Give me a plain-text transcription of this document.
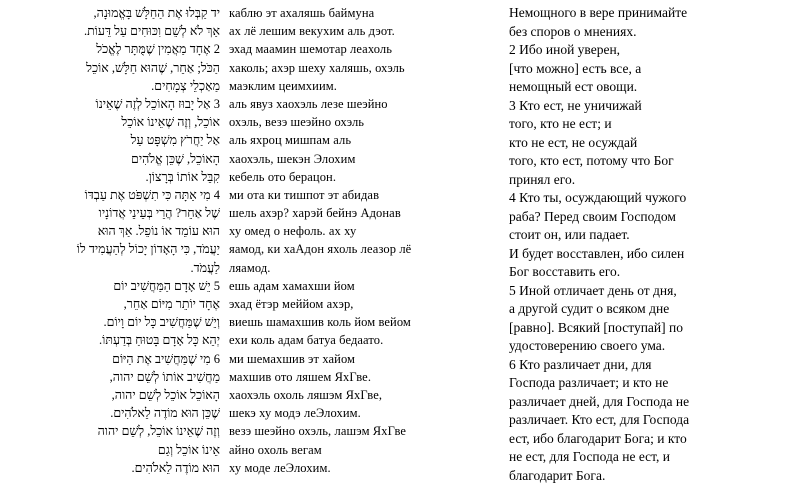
יד קַבְּלוּ אֶת הַחַלָּשׁ בָּאֱמוּנָה,
אַךְ לֹא לְשֵׁם וִכּוּחִים עַל דֵּעוֹת.
2 אֶחָד מַאֲמִין שֶׁמֻּתָּר לֶאֱכֹל
הַכֹּל; אַחֵר, שֶׁהוּא חַלָּשׁ, אוֹכֵל
מַאַכְלֵי צְמָחִים.
3 אַל יָבוּז הָאוֹכֵל לְזֶה שֶׁאֵינוֹ
אוֹכֵל, וְזֶה שֶׁאֵינוֹ אוֹכֵל
אַל יַחֲרֹץ מִשְׁפָּט עַל
הָאוֹכֵל, שֶׁכֵּן אֱלֹהִים
קִבֵּל אוֹתוֹ בְּרָצוֹן.
4 מִי אַתָּה כִּי תִשְׁפֹּט אֶת עַבְדּוֹ
שֶׁל אַחֵר? הֲרֵי בְּעֵינֵי אֲדוֹנָיו
הוּא עוֹמֵד אוֹ נוֹפֵל. אַךְ הוּא
יַעֲמֹד, כִּי הָאָדוֹן יָכוֹל לְהַעֲמִיד לוֹ
לַעֲמֹד.
5 יֵשׁ אָדָם הַמַּחֲשִׁיב יוֹם
אֶחָד יוֹתֵר מִיּוֹם אַחֵר,
וְיֵשׁ שֶׁמַּחֲשִׁיב כָּל יוֹם וָיוֹם.
יְהֵא כָּל אָדָם בָּטוּחַ בְּדַעְתּוֹ.
6 מִי שֶׁמַּחֲשִׁיב אֶת הַיּוֹם
מַחֲשִׁיב אוֹתוֹ לְשֵׁם יהוה,
הָאוֹכֵל אוֹכֵל לְשֵׁם יהוה,
שֶׁכֵּן הוּא מוֹדֶה לֵאלֹהִים.
וְזֶה שֶׁאֵינוֹ אוֹכֵל, לְשֵׁם יהוה
אֵינוֹ אוֹכֵל וְגַם
הוּא מוֹדֶה לֵאלֹהִים.
каблю эт ахаляшь баймуна
ах лё лешим векухим аль дэот.
эхад маамин шемотар леахоль
хаколь; ахэр шеху халяшь, охэль
маэклим цеимхиим.
аль явуз хаохэль лезе шеэйно
охэль, везэ шеэйно охэль
аль яхроц мишпам аль
хаохэль, шекэн Элохим
кебель ото берацон.
ми ота ки тишпот эт абидав
шель ахэр? харэй бейнэ Адонав
ху омед о нефоль. ах ху
яамод, ки хаАдон яхоль леазор лё
ляамод.
ешь адам хамахши йом
эхад ётэр меййом ахэр,
виешь шамахшив коль йом вейом
ехи коль адам батуа бедаато.
ми шемахшив эт хайом
махшив ото ляшем ЯхГве.
хаохэль охоль ляшэм ЯхГве,
шекэ ху модэ леЭлохим.
везэ шеэйно охэль, лашэм ЯхГве
айно охоль вегам
ху моде леЭлохим.
Немощного в вере принимайте
без споров о мнениях.
2 Ибо иной уверен,
[что можно] есть все, а
немощный ест овощи.
3 Кто ест, не уничижай
того, кто не ест; и
кто не ест, не осуждай
того, кто ест, потому что Бог
принял его.
4 Кто ты, осуждающий чужого
раба? Перед своим Господом
стоит он, или падает.
И будет восставлен, ибо силен
Бог восставить его.
5 Иной отличает день от дня,
а другой судит о всяком дне
[равно]. Всякий [поступай] по
удостоверению своего ума.
6 Кто различает дни, для
Господа различает; и кто не
различает дней, для Господа не
различает. Кто ест, для Господа
ест, ибо благодарит Бога; и кто
не ест, для Господа не ест, и
благодарит Бога.
